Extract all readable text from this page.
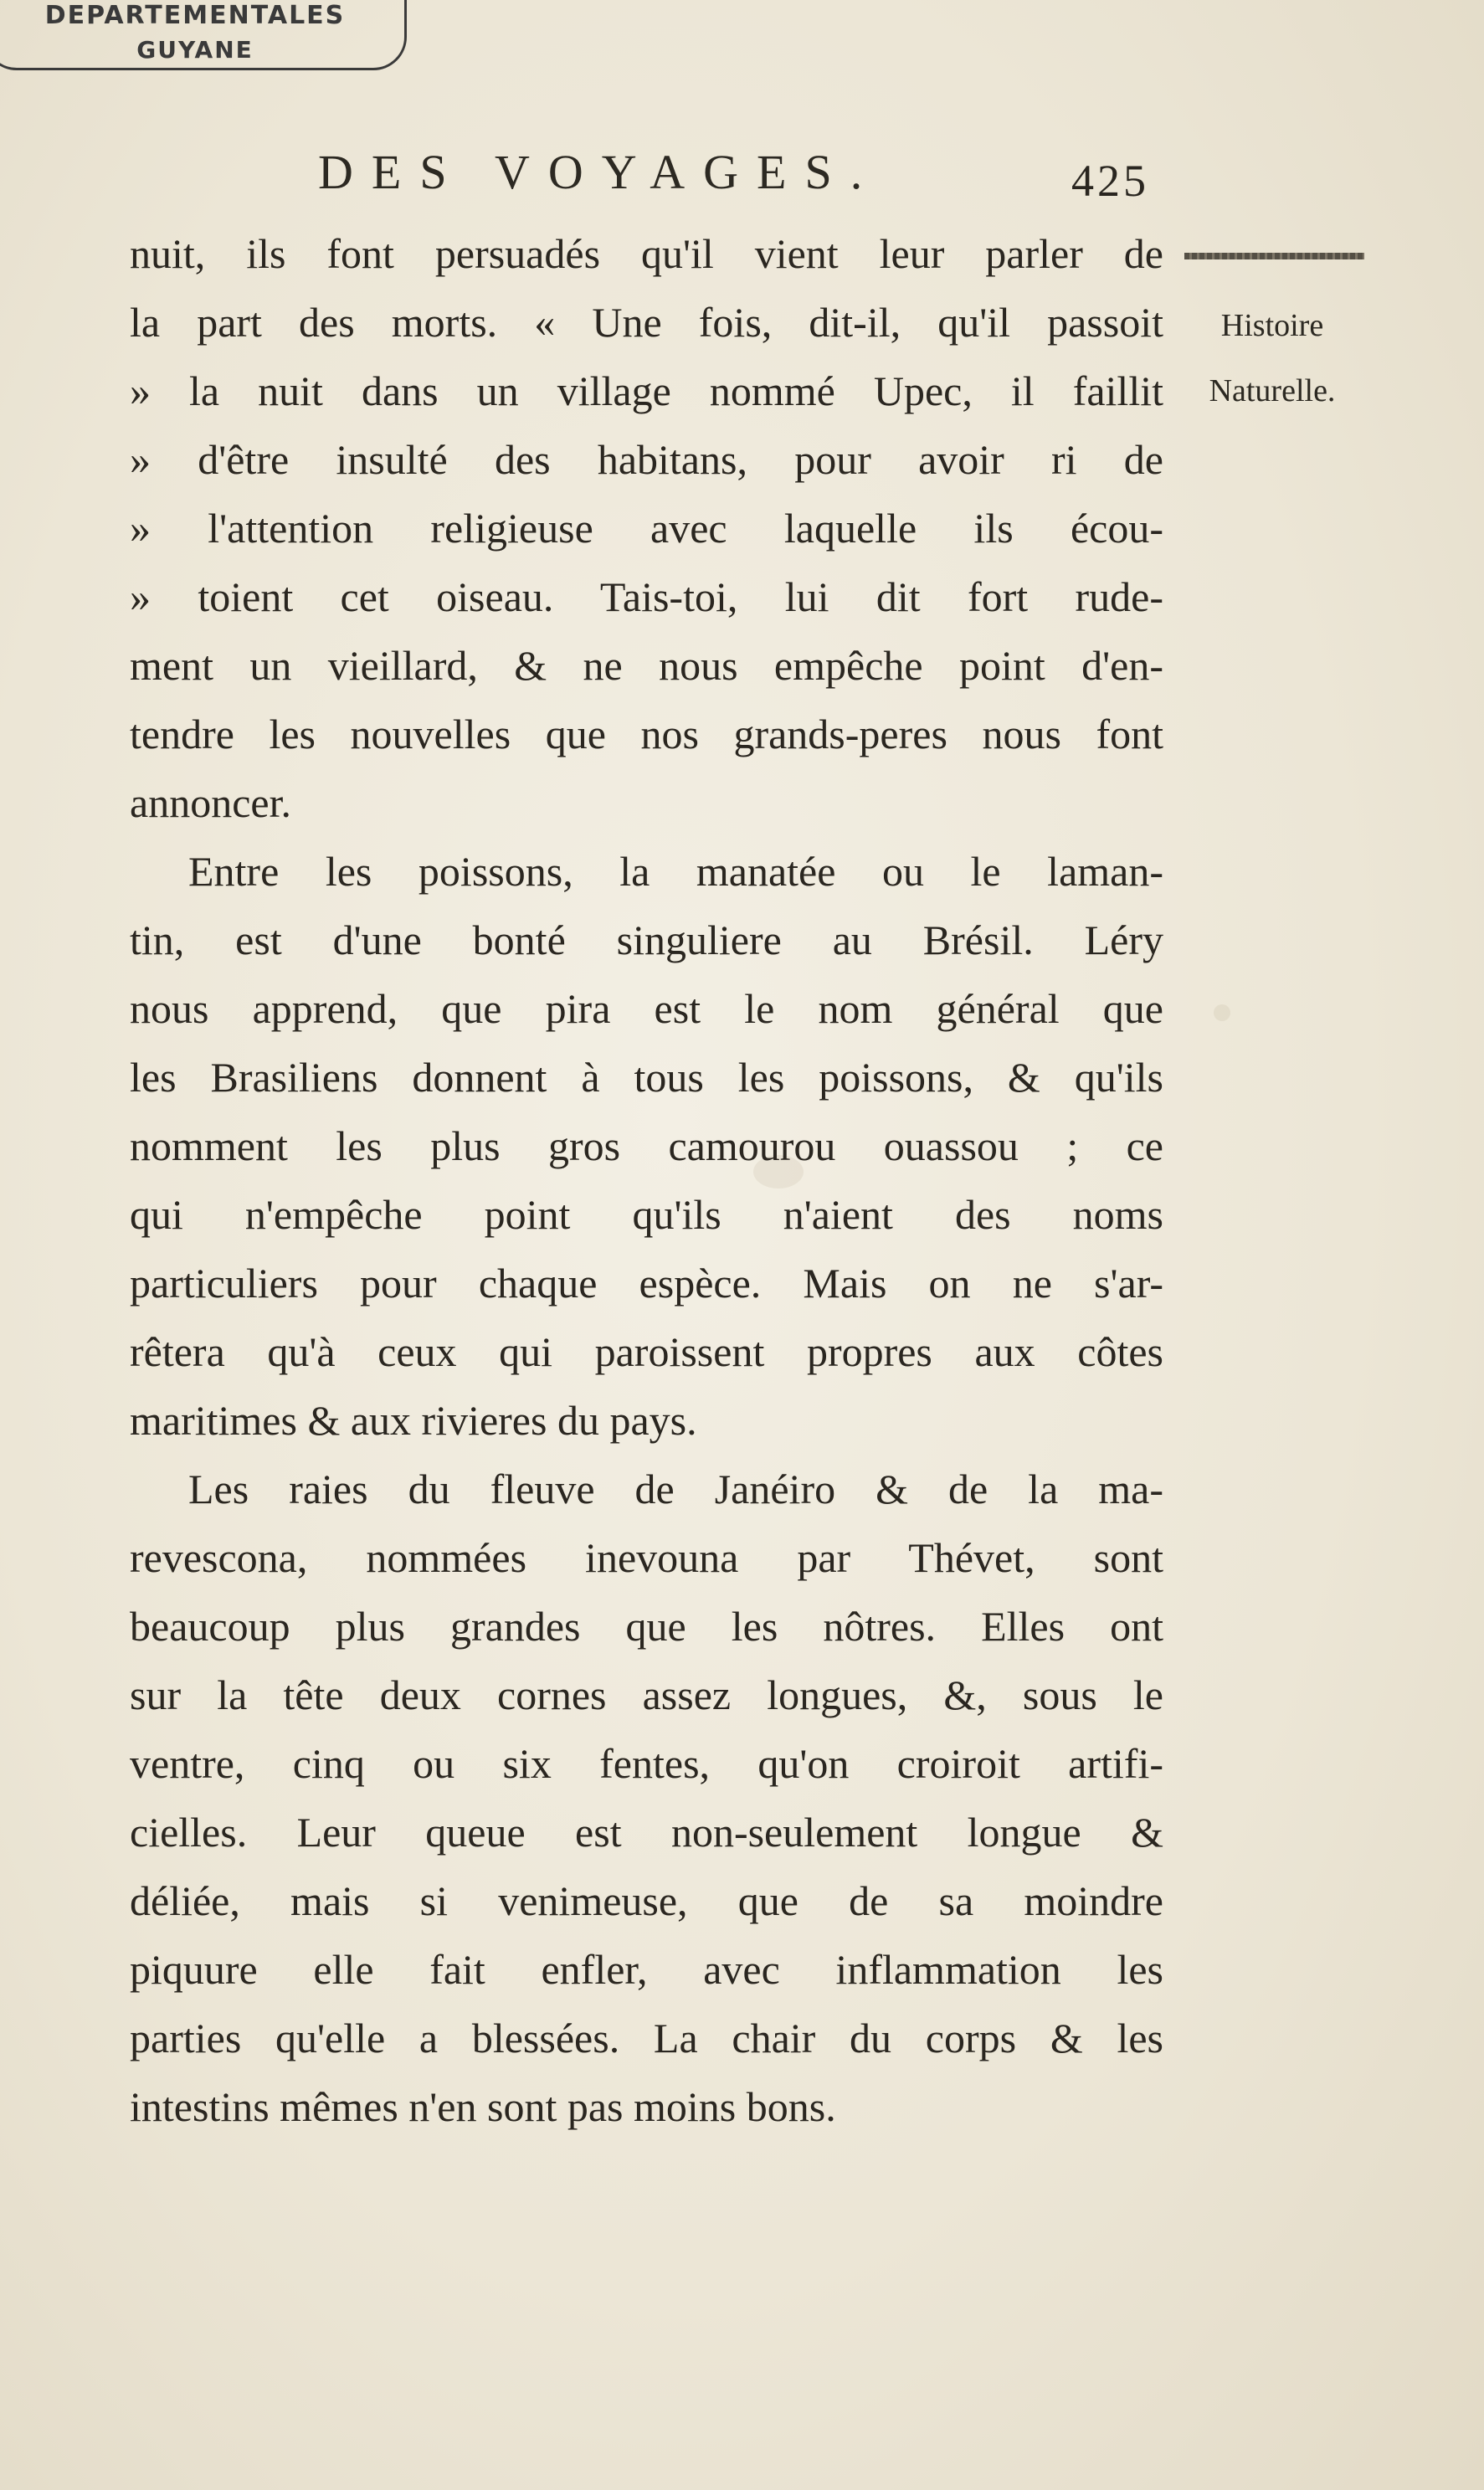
DEPARTEMENTALES
GUYANE
DES VOYAGES.	425
Histoire
Naturelle.
nuit, ils font persuadés qu'il vient leur parler de
la part des morts. « Une fois, dit-il, qu'il passoit
» la nuit dans un village nommé Upec, il faillit
» d'être insulté des habitans, pour avoir ri de
» l'attention religieuse avec laquelle ils écou-
» toient cet oiseau. Tais-toi, lui dit fort rude-
ment un vieillard, & ne nous empêche point d'en-
tendre les nouvelles que nos grands-peres nous font
annoncer.
Entre les poissons, la manatée ou le laman-
tin, est d'une bonté singuliere au Brésil. Léry
nous apprend, que pira est le nom général que
les Brasiliens donnent à tous les poissons, & qu'ils
nomment les plus gros camourou ouassou ; ce
qui n'empêche point qu'ils n'aient des noms
particuliers pour chaque espèce. Mais on ne s'ar-
rêtera qu'à ceux qui paroissent propres aux côtes
maritimes & aux rivieres du pays.
Les raies du fleuve de Janéiro & de la ma-
revescona, nommées inevouna par Thévet, sont
beaucoup plus grandes que les nôtres. Elles ont
sur la tête deux cornes assez longues, &, sous le
ventre, cinq ou six fentes, qu'on croiroit artifi-
cielles. Leur queue est non-seulement longue &
déliée, mais si venimeuse, que de sa moindre
piquure elle fait enfler, avec inflammation les
parties qu'elle a blessées. La chair du corps & les
intestins mêmes n'en sont pas moins bons.
